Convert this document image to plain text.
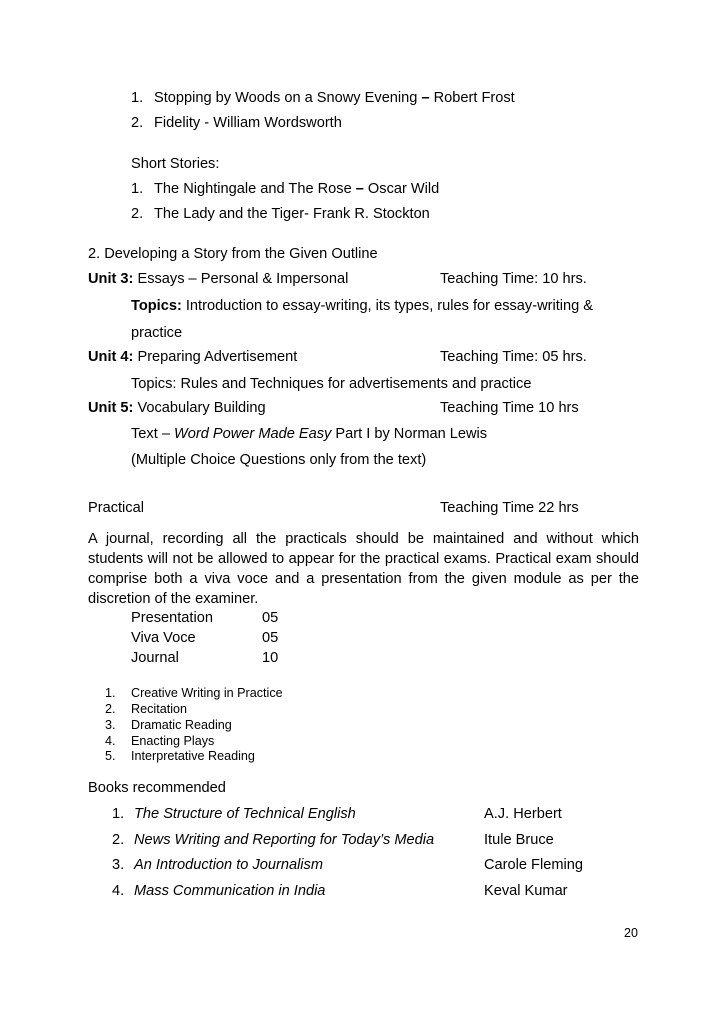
1. Stopping by Woods on a Snowy Evening – Robert Frost
2. Fidelity - William Wordsworth
Short Stories:
1. The Nightingale and The Rose – Oscar Wild
2. The Lady and the Tiger- Frank R. Stockton
2. Developing a Story from the Given Outline
Unit 3: Essays – Personal & Impersonal	Teaching Time: 10 hrs.
Topics: Introduction to essay-writing, its types, rules for essay-writing &
practice
Unit 4: Preparing Advertisement	Teaching Time: 05 hrs.
Topics: Rules and Techniques for advertisements and practice
Unit 5: Vocabulary Building	Teaching Time 10 hrs
Text – Word Power Made Easy Part I by Norman Lewis
(Multiple Choice Questions only from the text)
Practical	Teaching Time 22 hrs
A journal, recording all the practicals should be maintained and without which
students will not be allowed to appear for the practical exams. Practical exam should
comprise both a viva voce and a presentation from the given module as per the
discretion of the examiner.
Presentation	05
Viva Voce	05
Journal	10
1. Creative Writing in Practice
2. Recitation
3. Dramatic Reading
4. Enacting Plays
5. Interpretative Reading
Books recommended
1. The Structure of Technical English	A.J. Herbert
2. News Writing and Reporting for Today’s Media	Itule Bruce
3. An Introduction to Journalism	Carole Fleming
4. Mass Communication in India	Keval Kumar
20
